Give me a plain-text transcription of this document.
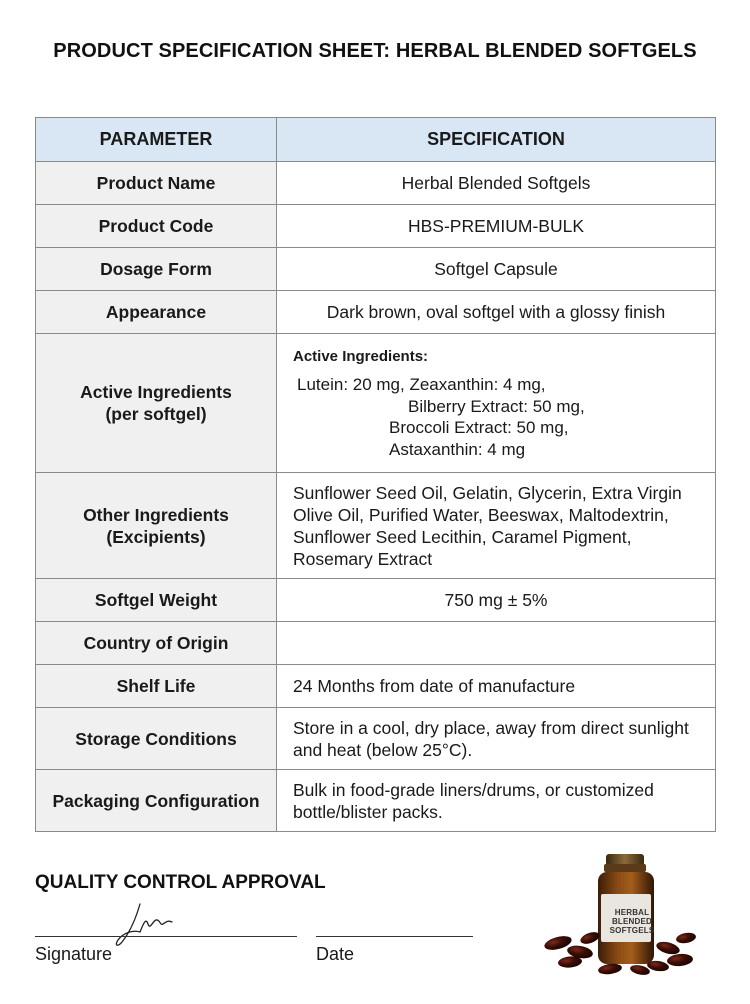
PRODUCT SPECIFICATION SHEET: HERBAL BLENDED SOFTGELS
PARAMETER	SPECIFICATION
Product Name	Herbal Blended Softgels
Product Code	HBS-PREMIUM-BULK
Dosage Form	Softgel Capsule
Appearance	Dark brown, oval softgel with a glossy finish

Active Ingredients
(per softgel)	Active Ingredients:
Lutein: 20 mg, Zeaxanthin: 4 mg,
Bilberry Extract: 50 mg,
Broccoli Extract: 50 mg,
Astaxanthin: 4 mg

Other Ingredients
(Excipients)	Sunflower Seed Oil, Gelatin, Glycerin, Extra Virgin Olive Oil, Purified Water, Beeswax, Maltodextrin, Sunflower Seed Lecithin, Caramel Pigment, Rosemary Extract
Softgel Weight	750 mg ± 5%
Country of Origin	
Shelf Life	24 Months from date of manufacture
Storage Conditions	Store in a cool, dry place, away from direct sunlight and heat (below 25°C).
Packaging Configuration	Bulk in food-grade liners/drums, or customized bottle/blister packs.
QUALITY CONTROL APPROVAL
Signature	Date
HERBAL
BLENDED
SOFTGELS
